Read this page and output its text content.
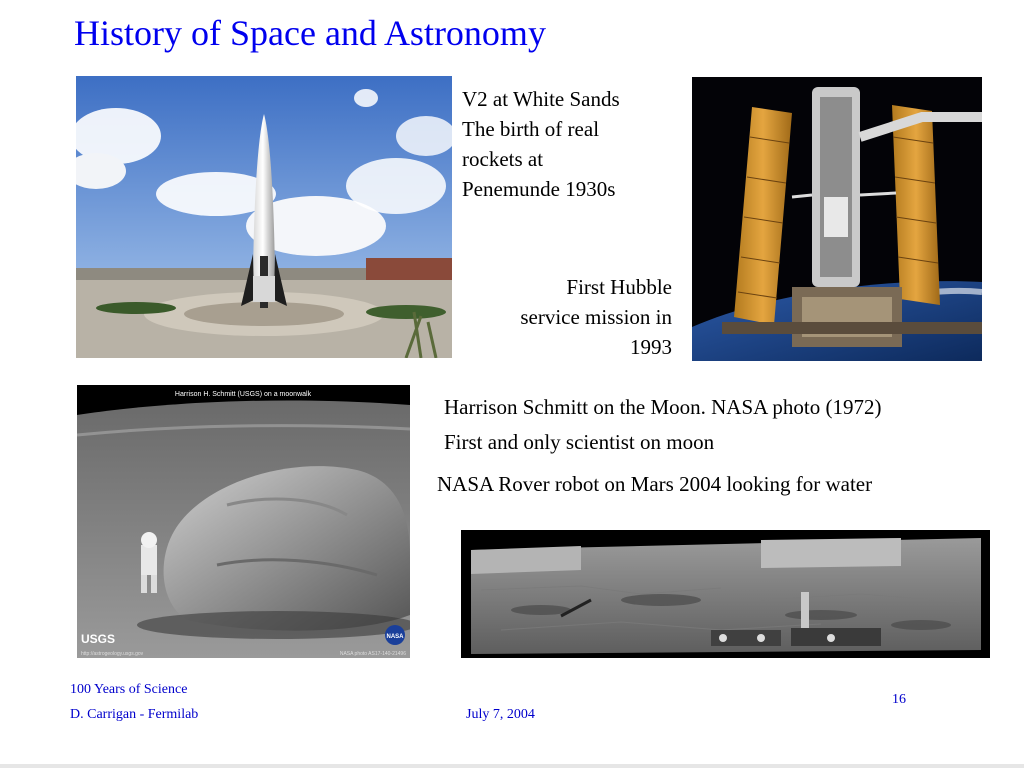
History of Space and Astronomy
V2 at White Sands
The birth of real
rockets at
Penemunde 1930s
First Hubble
service mission in
1993
Harrison H. Schmitt (USGS) on a moonwalk
USGS
http://astrogeology.usgs.gov
NASA
NASA photo AS17-140-21496
Harrison Schmitt on the Moon. NASA photo (1972)
First and only scientist on moon
NASA Rover robot on Mars 2004 looking for water
100 Years of Science
D. Carrigan - Fermilab	July 7, 2004
16
